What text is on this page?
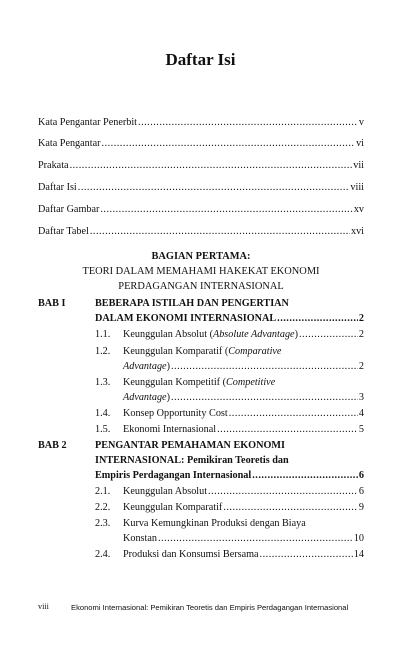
Daftar Isi
Kata Pengantar Penerbit .....	v
Kata Pengantar .....	vi
Prakata .....	vii
Daftar Isi .....	viii
Daftar Gambar .....	xv
Daftar Tabel .....	xvi
BAGIAN PERTAMA:
TEORI DALAM MEMAHAMI HAKEKAT EKONOMI
PERDAGANGAN INTERNASIONAL
BAB I	BEBERAPA ISTILAH DAN PENGERTIAN
DALAM EKONOMI INTERNASIONAL .....	2
1.1. Keunggulan Absolut (Absolute Advantage) .....	2
1.2. Keunggulan Komparatif (Comparative
Advantage) .....	2
1.3. Keunggulan Kompetitif (Competitive
Advantage) .....	3
1.4. Konsep Opportunity Cost .....	4
1.5. Ekonomi Internasional .....	5
BAB 2	PENGANTAR PEMAHAMAN EKONOMI
INTERNASIONAL: Pemikiran Teoretis dan
Empiris Perdagangan Internasional .....	6
2.1. Keunggulan Absolut .....	6
2.2. Keunggulan Komparatif .....	9
2.3. Kurva Kemungkinan Produksi dengan Biaya
Konstan .....	10
2.4. Produksi dan Konsumsi Bersama .....	14
viii	Ekonomi Internasional: Pemikiran Teoretis dan Empiris Perdagangan Internasional
